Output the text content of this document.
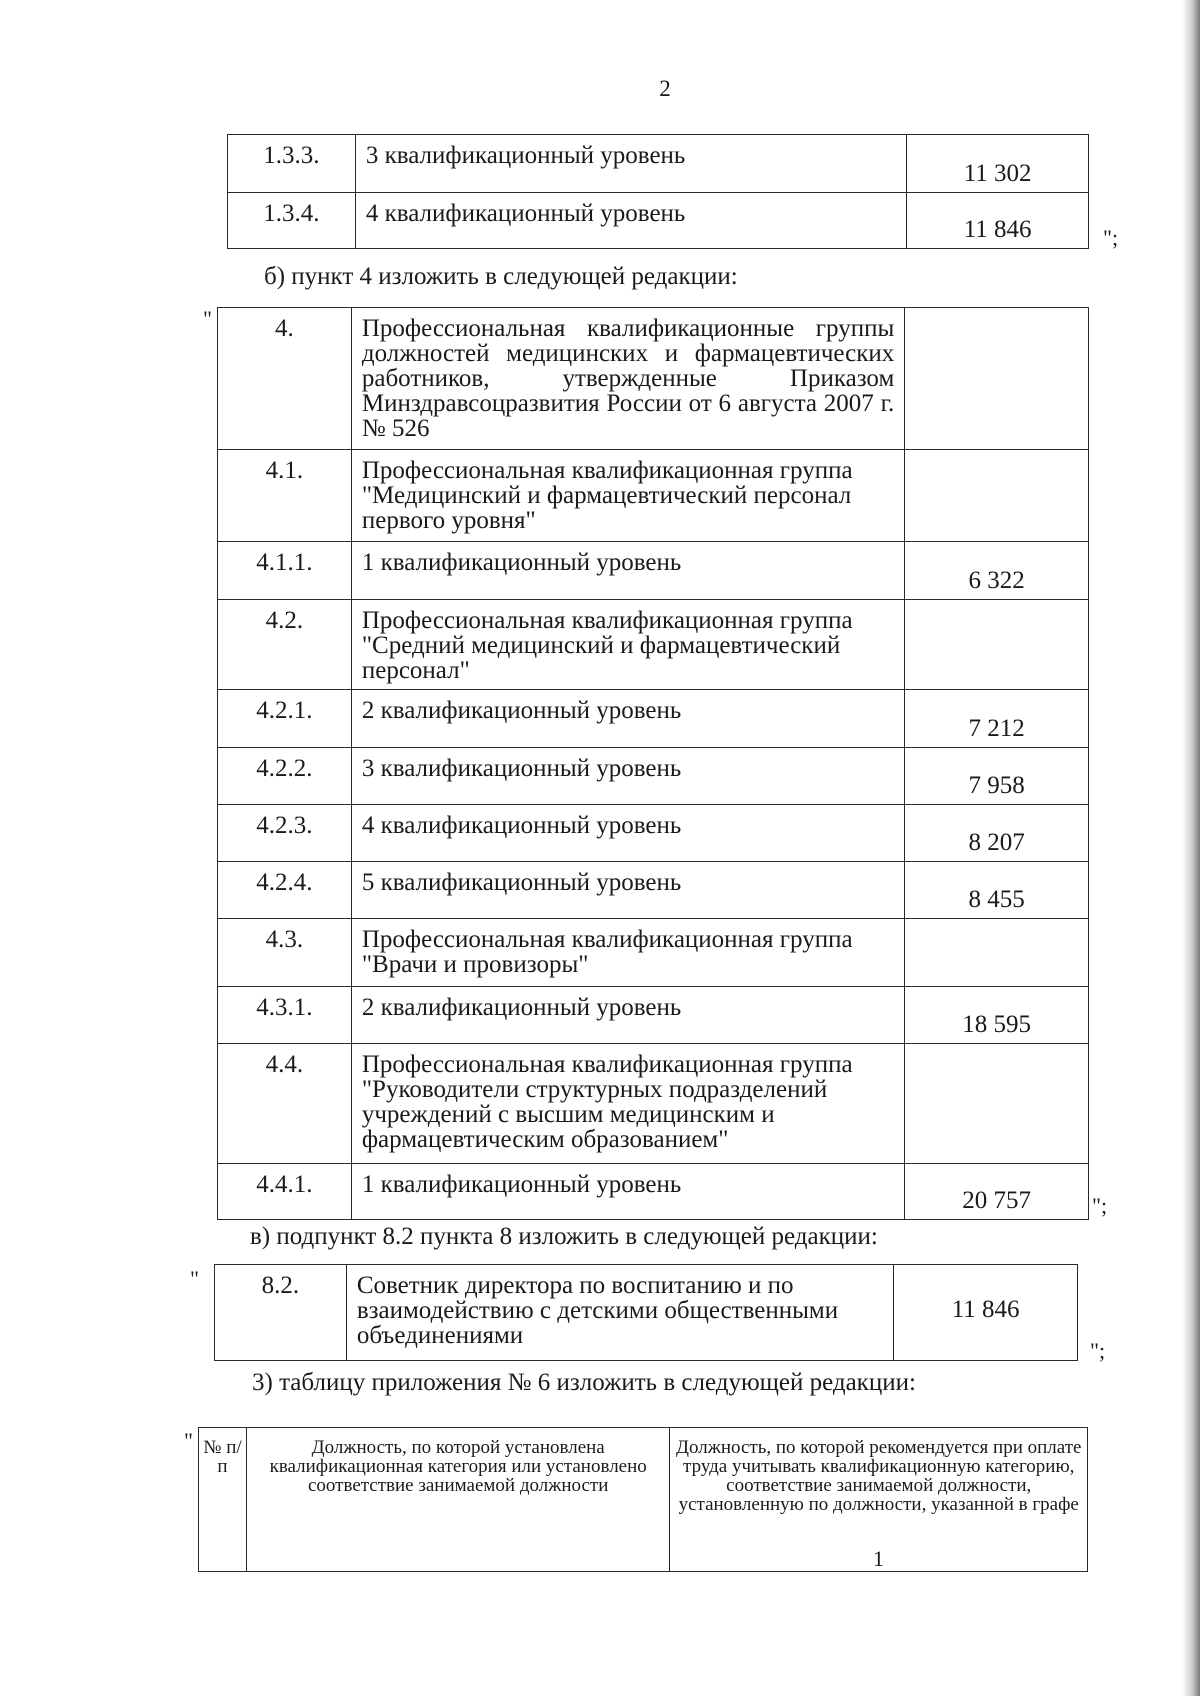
2
1.3.3.	3 квалификационный уровень	11 302
1.3.4.	4 квалификационный уровень	11 846	";
б) пункт 4 изложить в следующей редакции:
"	4.	Профессиональная квалификационные группы должностей медицинских и фармацевтических работников, утвержденные Приказом Минздравсоцразвития России от 6 августа 2007 г. № 526	
4.1.	Профессиональная квалификационная группа "Медицинский и фармацевтический персонал первого уровня"	
4.1.1.	1 квалификационный уровень	6 322
4.2.	Профессиональная квалификационная группа "Средний медицинский и фармацевтический персонал"	
4.2.1.	2 квалификационный уровень	7 212
4.2.2.	3 квалификационный уровень	7 958
4.2.3.	4 квалификационный уровень	8 207
4.2.4.	5 квалификационный уровень	8 455
4.3.	Профессиональная квалификационная группа "Врачи и провизоры"	
4.3.1.	2 квалификационный уровень	18 595
4.4.	Профессиональная квалификационная группа "Руководители структурных подразделений учреждений с высшим медицинским и фармацевтическим образованием"	
4.4.1.	1 квалификационный уровень	20 757	";
в) подпункт 8.2 пункта 8 изложить в следующей редакции:
"	8.2.	Советник директора по воспитанию и по взаимодействию с детскими общественными объединениями	11 846
";
3) таблицу приложения № 6 изложить в следующей редакции:
" № п/п	Должность, по которой установлена квалификационная категория или установлено соответствие занимаемой должности	Должность, по которой рекомендуется при оплате труда учитывать квалификационную категорию, соответствие занимаемой должности, установленную по должности, указанной в графе
1
